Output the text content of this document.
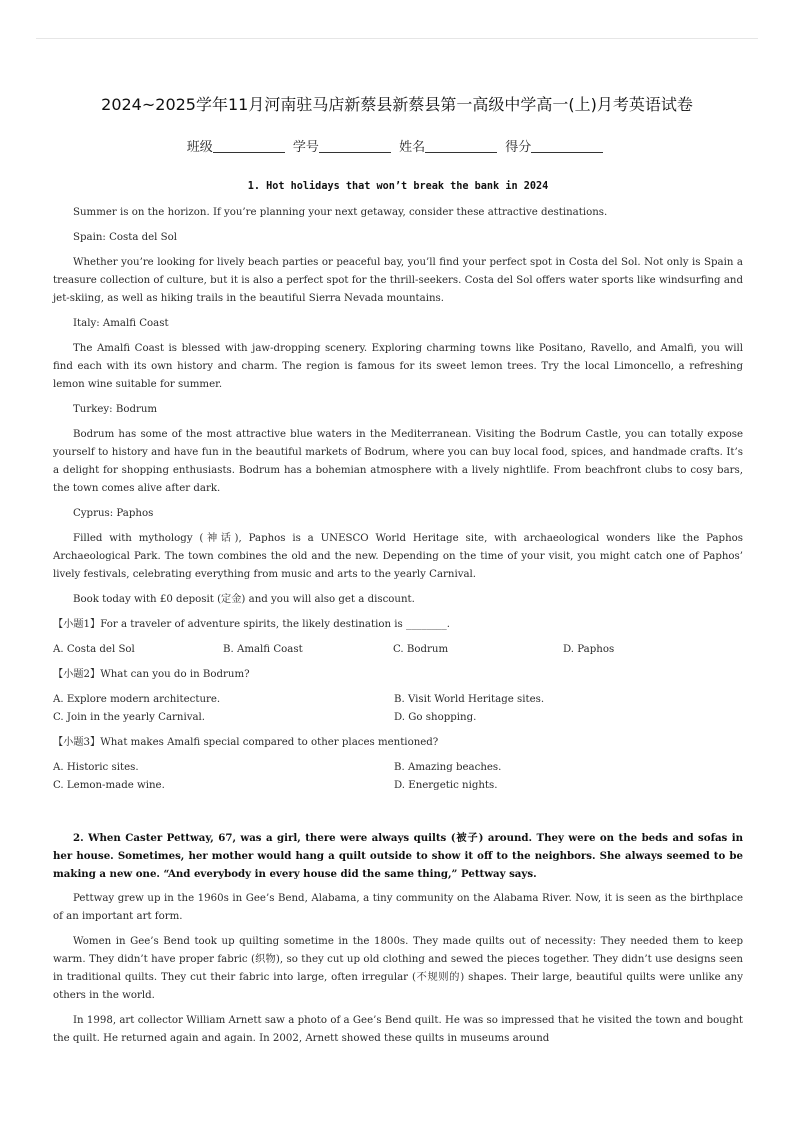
2024~2025学年11月河南驻马店新蔡县新蔡县第一高级中学高一(上)月考英语试卷
班级	学号	姓名	得分
1. Hot holidays that won’t break the bank in 2024

Summer is on the horizon. If you’re planning your next getaway, consider these attractive destinations.

Spain: Costa del Sol

Whether you’re looking for lively beach parties or peaceful bay, you’ll find your perfect spot in Costa del Sol. Not only is Spain a treasure collection of culture, but it is also a perfect spot for the thrill-seekers. Costa del Sol offers water sports like windsurfing and jet-skiing, as well as hiking trails in the beautiful Sierra Nevada mountains.

Italy: Amalfi Coast

The Amalfi Coast is blessed with jaw-dropping scenery. Exploring charming towns like Positano, Ravello, and Amalfi, you will find each with its own history and charm. The region is famous for its sweet lemon trees. Try the local Limoncello, a refreshing lemon wine suitable for summer.

Turkey: Bodrum

Bodrum has some of the most attractive blue waters in the Mediterranean. Visiting the Bodrum Castle, you can totally expose yourself to history and have fun in the beautiful markets of Bodrum, where you can buy local food, spices, and handmade crafts. It’s a delight for shopping enthusiasts. Bodrum has a bohemian atmosphere with a lively nightlife. From beachfront clubs to cosy bars, the town comes alive after dark.

Cyprus: Paphos

Filled with mythology (神话), Paphos is a UNESCO World Heritage site, with archaeological wonders like the Paphos Archaeological Park. The town combines the old and the new. Depending on the time of your visit, you might catch one of Paphos’ lively festivals, celebrating everything from music and arts to the yearly Carnival.

Book today with £0 deposit (定金) and you will also get a discount.

【小题1】For a traveler of adventure spirits, the likely destination is ________.

A. Costa del Sol	B. Amalfi Coast	C. Bodrum	D. Paphos

【小题2】What can you do in Bodrum?

A. Explore modern architecture.	B. Visit World Heritage sites.
C. Join in the yearly Carnival.	D. Go shopping.

【小题3】What makes Amalfi special compared to other places mentioned?

A. Historic sites.	B. Amazing beaches.
C. Lemon-made wine.	D. Energetic nights.

2. When Caster Pettway, 67, was a girl, there were always quilts (被子) around. They were on the beds and sofas in her house. Sometimes, her mother would hang a quilt outside to show it off to the neighbors. She always seemed to be making a new one. “And everybody in every house did the same thing,” Pettway says.

Pettway grew up in the 1960s in Gee’s Bend, Alabama, a tiny community on the Alabama River. Now, it is seen as the birthplace of an important art form.

Women in Gee’s Bend took up quilting sometime in the 1800s. They made quilts out of necessity: They needed them to keep warm. They didn’t have proper fabric (织物), so they cut up old clothing and sewed the pieces together. They didn’t use designs seen in traditional quilts. They cut their fabric into large, often irregular (不规则的) shapes. Their large, beautiful quilts were unlike any others in the world.

In 1998, art collector William Arnett saw a photo of a Gee’s Bend quilt. He was so impressed that he visited the town and bought the quilt. He returned again and again. In 2002, Arnett showed these quilts in museums around
